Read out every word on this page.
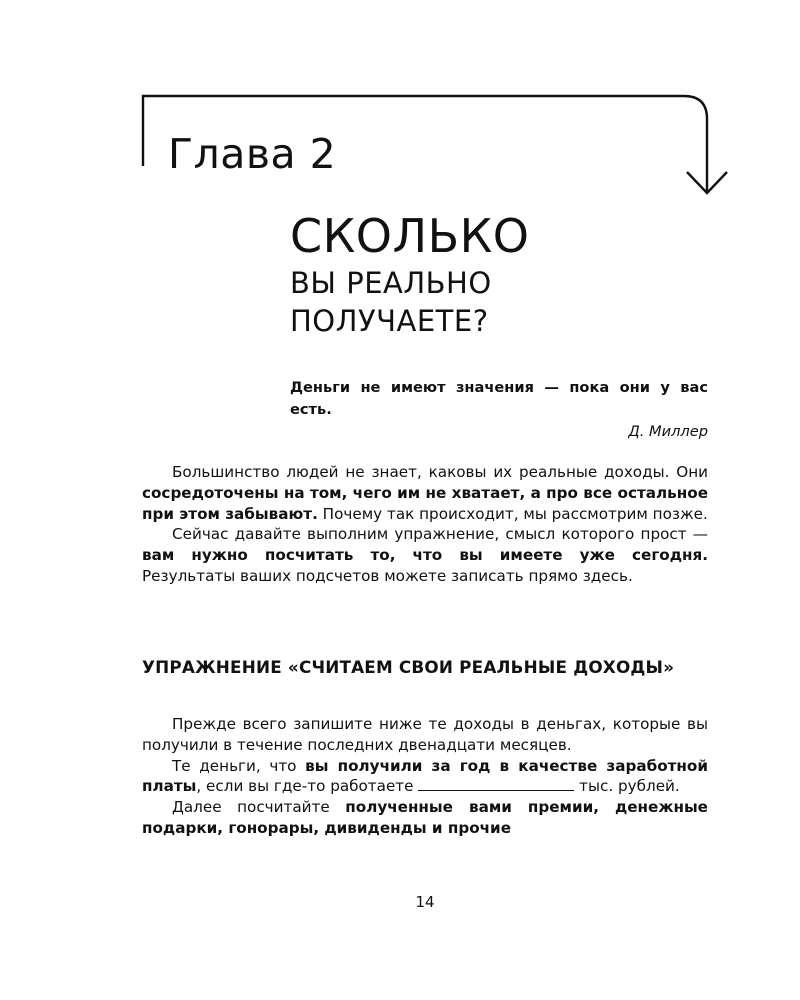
Глава 2
СКОЛЬКО
ВЫ РЕАЛЬНО
ПОЛУЧАЕТЕ?

Деньги не имеют значения — пока они у вас есть.

Д. Миллер

Большинство людей не знает, каковы их реальные доходы. Они сосредоточены на том, чего им не хватает, а про все остальное при этом забывают. Почему так происходит, мы рассмотрим позже.

Сейчас давайте выполним упражнение, смысл которого прост — вам нужно посчитать то, что вы имеете уже сегодня. Результаты ваших подсчетов можете записать прямо здесь.

УПРАЖНЕНИЕ «СЧИТАЕМ СВОИ РЕАЛЬНЫЕ ДОХОДЫ»

Прежде всего запишите ниже те доходы в деньгах, которые вы получили в течение последних двенадцати месяцев.

Те деньги, что вы получили за год в качестве заработной платы, если вы где-то работаете	тыс. рублей.

Далее посчитайте полученные вами премии, денежные подарки, гонорары, дивиденды и прочие

14
